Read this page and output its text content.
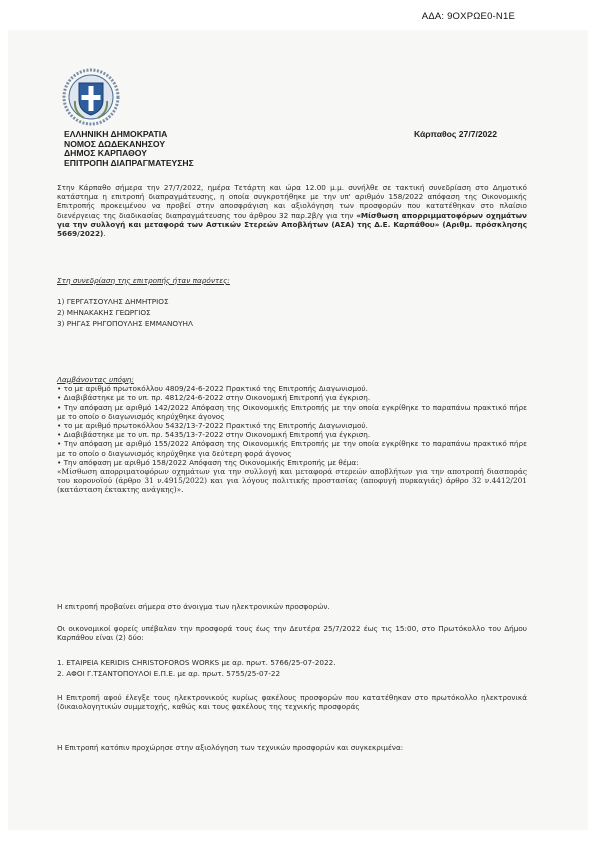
ΑΔΑ: 9ΟΧΡΩΕ0-Ν1Ε
ΕΛΛΗΝΙΚΗ ΔΗΜΟΚΡΑΤΙΑ
ΝΟΜΟΣ ΔΩΔΕΚΑΝΗΣΟΥ
ΔΗΜΟΣ ΚΑΡΠΑΘΟΥ
ΕΠΙΤΡΟΠΗ ΔΙΑΠΡΑΓΜΑΤΕΥΣΗΣ
Κάρπαθος 27/7/2022
Στην Κάρπαθο σήμερα την 27/7/2022, ημέρα Τετάρτη και ώρα 12.00 μ.μ. συνήλθε σε τακτική συνεδρίαση στο Δημοτικό κατάστημα η επιτροπή διαπραγμάτευσης, η οποία συγκροτήθηκε με την υπ' αριθμόν 158/2022 απόφαση της Οικονομικής Επιτροπής προκειμένου να προβεί στην αποσφράγιση και αξιολόγηση των προσφορών που κατατέθηκαν στο πλαίσιο διενέργειας της διαδικασίας διαπραγμάτευσης του άρθρου 32 παρ.2β/γ για την «Μίσθωση απορριμματοφόρων οχημάτων για την συλλογή και μεταφορά των Αστικών Στερεών Αποβλήτων (ΑΣΑ) της Δ.Ε. Καρπάθου» (Αριθμ. πρόσκλησης 5669/2022).
Στη συνεδρίαση της επιτροπής ήταν παρόντες:
1) ΓΕΡΓΑΤΣΟΥΛΗΣ ΔΗΜΗΤΡΙΟΣ
2) ΜΗΝΑΚΑΚΗΣ ΓΕΩΡΓΙΟΣ
3) ΡΗΓΑΣ ΡΗΓΟΠΟΥΛΗΣ ΕΜΜΑΝΟΥΗΛ
Λαμβάνοντας υπόψη:
• το με αριθμό πρωτοκόλλου 4809/24-6-2022 Πρακτικό της Επιτροπής Διαγωνισμού.
• Διαβιβάστηκε με το υπ. πρ. 4812/24-6-2022 στην Οικονομική Επιτροπή για έγκριση.
• Την απόφαση με αριθμό 142/2022 Απόφαση της Οικονομικής Επιτροπής με την οποία εγκρίθηκε το παραπάνω πρακτικό πήρε με το οποίο ο διαγωνισμός κηρύχθηκε άγονος
• το με αριθμό πρωτοκόλλου 5432/13-7-2022 Πρακτικό της Επιτροπής Διαγωνισμού.
• Διαβιβάστηκε με το υπ. πρ. 5435/13-7-2022 στην Οικονομική Επιτροπή για έγκριση.
• Την απόφαση με αριθμό 155/2022 Απόφαση της Οικονομικής Επιτροπής με την οποία εγκρίθηκε το παραπάνω πρακτικό πήρε με το οποίο ο διαγωνισμός κηρύχθηκε για δεύτερη φορά άγονος
• Την απόφαση με αριθμό 158/2022 Απόφαση της Οικονομικής Επιτροπής με θέμα:
«Μίσθωση απορριματοφόρων οχημάτων για την συλλογή και μεταφορά στερεών αποβλήτων για την αποτροπή διασποράς του κορονοϊού (άρθρο 31 ν.4915/2022) και για λόγους πολιτικής προστασίας (αποφυγή πυρκαγιάς) άρθρο 32 ν.4412/201 (κατάσταση έκτακτης ανάγκης)».
Η επιτροπή προβαίνει σήμερα στο άνοιγμα των ηλεκτρονικών προσφορών.
Οι οικονομικοί φορείς υπέβαλαν την προσφορά τους έως την Δευτέρα 25/7/2022 έως τις 15:00, στο Πρωτόκολλο του Δήμου Καρπάθου είναι (2) δύο:
1. ΕΤΑΙΡΕΙΑ KERIDIS CHRISTOFOROS WORKS με αρ. πρωτ. 5766/25-07-2022.
2. ΑΦΟΙ Γ.ΤΣΑΝΤΟΠΟΥΛΟΙ Ε.Π.Ε. με αρ. πρωτ. 5755/25-07-22
Η Επιτροπή αφού έλεγξε τους ηλεκτρονικούς κυρίως φακέλους προσφορών που κατατέθηκαν στο πρωτόκολλο ηλεκτρονικά (δικαιολογητικών συμμετοχής, καθώς και τους φακέλους της τεχνικής προσφοράς
Η Επιτροπή κατόπιν προχώρησε στην αξιολόγηση των τεχνικών προσφορών και συγκεκριμένα:
